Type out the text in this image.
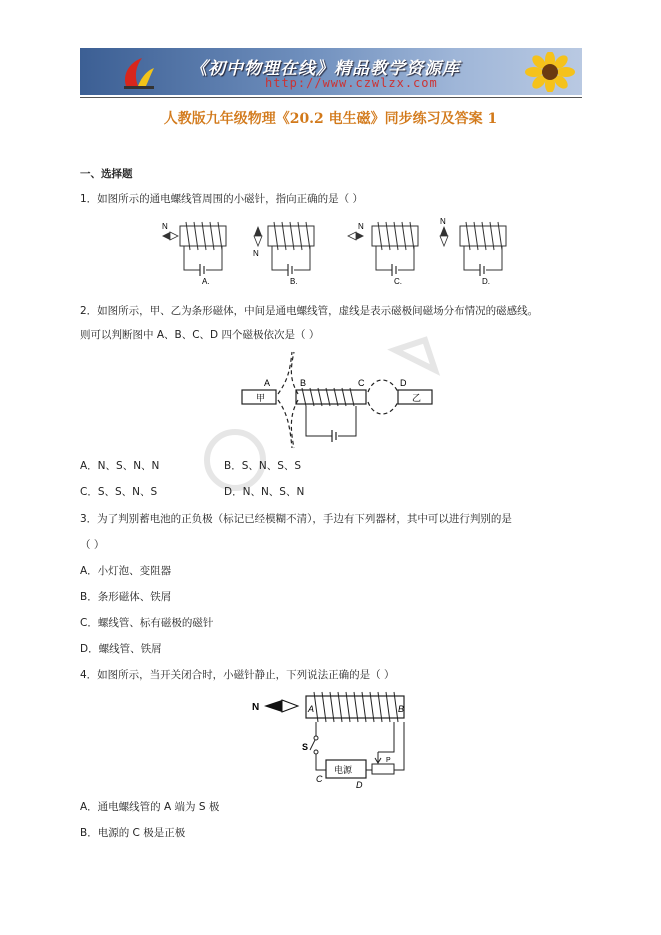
《初中物理在线》精品教学资源库
http://www.czwlzx.com
人教版九年级物理《20.2 电生磁》同步练习及答案 1
一、选择题
1．如图所示的通电螺线管周围的小磁针，指向正确的是（ ）
N
A.
N
B.
N
C.
N
D.
2．如图所示，甲、乙为条形磁体，中间是通电螺线管，虚线是表示磁极间磁场分布情况的磁感线。
则可以判断图中 A、B、C、D 四个磁极依次是（ ）
甲
A	B	C
乙
D
A．N、S、N、N	B．S、N、S、S
C．S、S、N、S	D．N、N、S、N
3．为了判别蓄电池的正负极（标记已经模糊不清），手边有下列器材，其中可以进行判别的是
（ ）
A．小灯泡、变阻器
B．条形磁体、铁屑
C．螺线管、标有磁极的磁针
D．螺线管、铁屑
4．如图所示，当开关闭合时，小磁针静止，下列说法正确的是（ ）
N	A	B
S
电源
C
D
P
A．通电螺线管的 A 端为 S 极
B．电源的 C 极是正极
